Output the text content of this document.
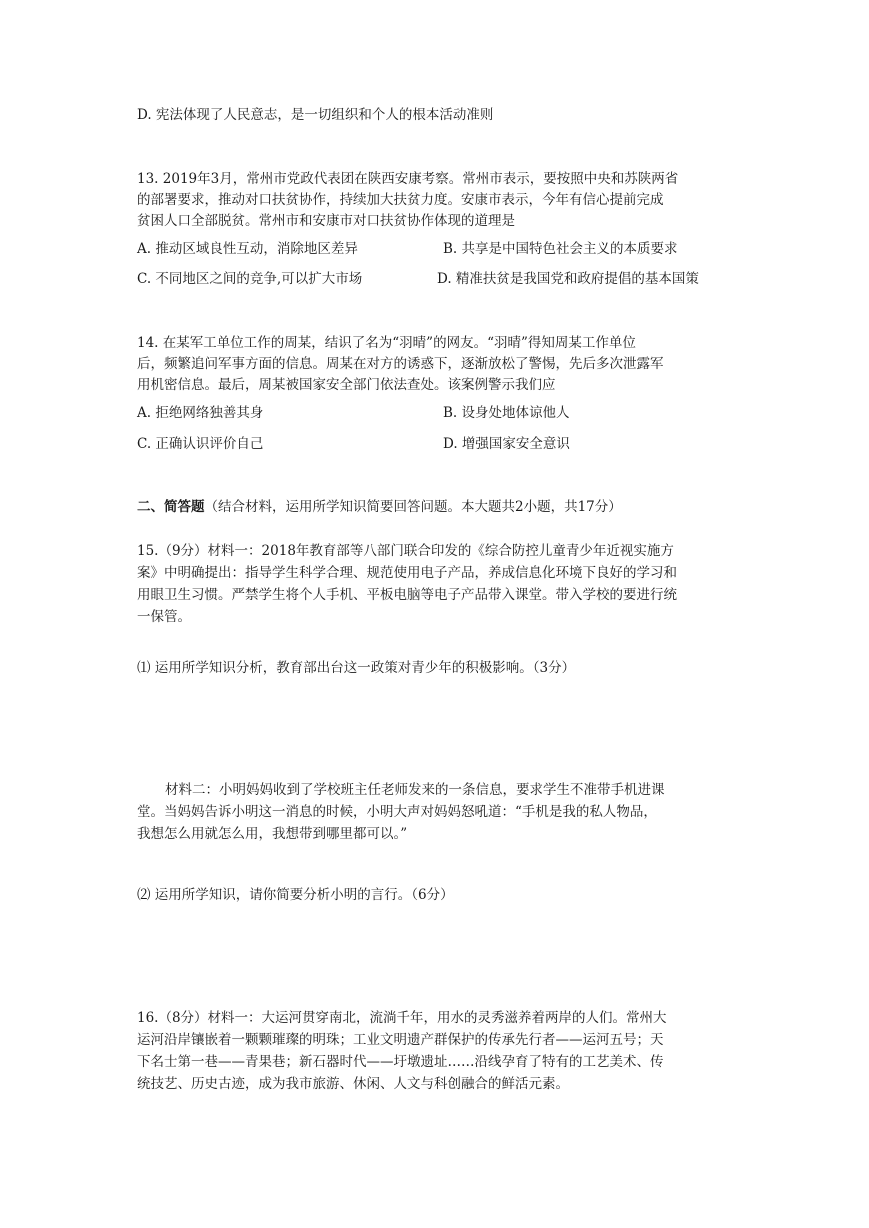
D. 宪法体现了人民意志，是一切组织和个人的根本活动准则
13. 2019年3月，常州市党政代表团在陕西安康考察。常州市表示，要按照中央和苏陕两省
的部署要求，推动对口扶贫协作，持续加大扶贫力度。安康市表示，今年有信心提前完成
贫困人口全部脱贫。常州市和安康市对口扶贫协作体现的道理是
A. 推动区域良性互动，消除地区差异	B. 共享是中国特色社会主义的本质要求
C. 不同地区之间的竞争,可以扩大市场	D. 精准扶贫是我国党和政府提倡的基本国策
14. 在某军工单位工作的周某，结识了名为“羽晴”的网友。“羽晴”得知周某工作单位
后，频繁追问军事方面的信息。周某在对方的诱惑下，逐渐放松了警惕，先后多次泄露军
用机密信息。最后，周某被国家安全部门依法查处。该案例警示我们应
A. 拒绝网络独善其身	B. 设身处地体谅他人
C. 正确认识评价自己	D. 增强国家安全意识
二、简答题（结合材料，运用所学知识简要回答问题。本大题共2小题，共17分）
15.（9分）材料一：2018年教育部等八部门联合印发的《综合防控儿童青少年近视实施方
案》中明确提出：指导学生科学合理、规范使用电子产品，养成信息化环境下良好的学习和
用眼卫生习惯。严禁学生将个人手机、平板电脑等电子产品带入课堂。带入学校的要进行统
一保管。
⑴ 运用所学知识分析，教育部出台这一政策对青少年的积极影响。（3分）
材料二：小明妈妈收到了学校班主任老师发来的一条信息，要求学生不准带手机进课
堂。当妈妈告诉小明这一消息的时候，小明大声对妈妈怒吼道：“手机是我的私人物品，
我想怎么用就怎么用，我想带到哪里都可以。”
⑵ 运用所学知识，请你简要分析小明的言行。（6分）
16.（8分）材料一：大运河贯穿南北，流淌千年，用水的灵秀滋养着两岸的人们。常州大
运河沿岸镶嵌着一颗颗璀璨的明珠；工业文明遗产群保护的传承先行者——运河五号；天
下名士第一巷——青果巷；新石器时代——圩墩遗址……沿线孕育了特有的工艺美术、传
统技艺、历史古迹，成为我市旅游、休闲、人文与科创融合的鲜活元素。
